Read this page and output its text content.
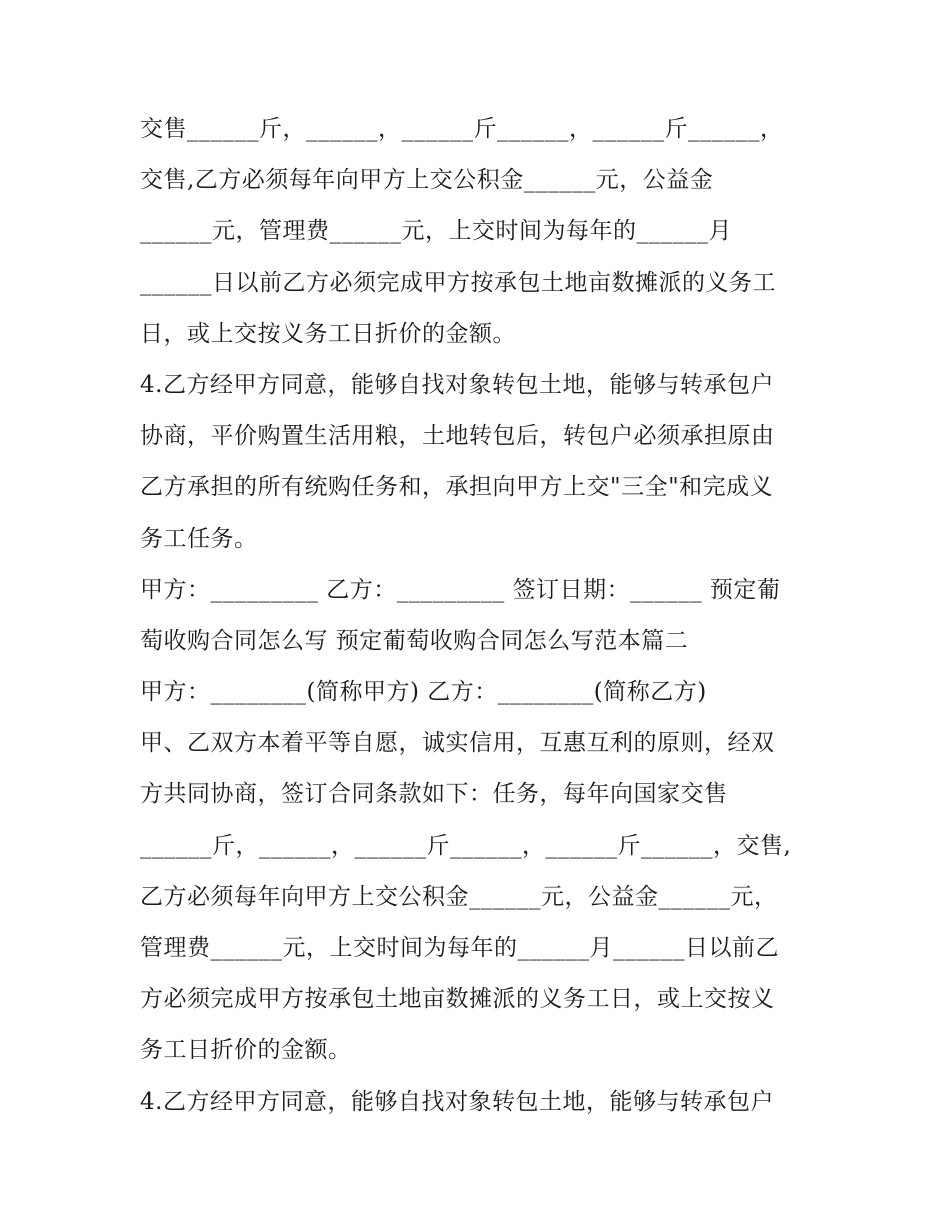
交售______斤，______，______斤______，______斤______，
交售,乙方必须每年向甲方上交公积金______元，公益金
______元，管理费______元，上交时间为每年的______月
______日以前乙方必须完成甲方按承包土地亩数摊派的义务工
日，或上交按义务工日折价的金额。
4.乙方经甲方同意，能够自找对象转包土地，能够与转承包户
协商，平价购置生活用粮，土地转包后，转包户必须承担原由
乙方承担的所有统购任务和，承担向甲方上交"三全"和完成义
务工任务。
甲方：_________ 乙方：_________ 签订日期：______ 预定葡
萄收购合同怎么写 预定葡萄收购合同怎么写范本篇二
甲方：________(简称甲方) 乙方：________(简称乙方)
甲、乙双方本着平等自愿，诚实信用，互惠互利的原则，经双
方共同协商，签订合同条款如下：任务，每年向国家交售
______斤，______，______斤______，______斤______，交售,
乙方必须每年向甲方上交公积金______元，公益金______元，
管理费______元，上交时间为每年的______月______日以前乙
方必须完成甲方按承包土地亩数摊派的义务工日，或上交按义
务工日折价的金额。
4.乙方经甲方同意，能够自找对象转包土地，能够与转承包户
